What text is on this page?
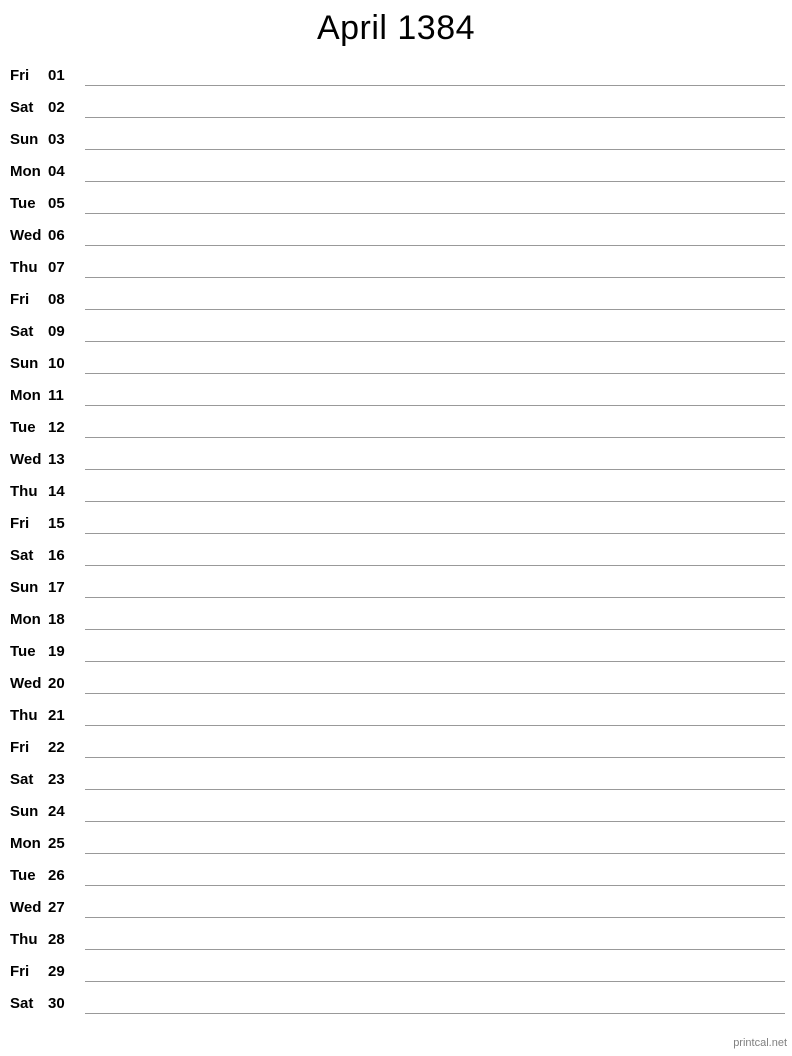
April 1384
Fri	01
Sat 02
Sun 03
Mon 04
Tue 05
Wed 06
Thu 07
Fri	08
Sat 09
Sun 10
Mon 11
Tue 12
Wed 13
Thu 14
Fri	15
Sat 16
Sun 17
Mon 18
Tue 19
Wed 20
Thu 21
Fri	22
Sat 23
Sun 24
Mon 25
Tue 26
Wed 27
Thu 28
Fri	29
Sat 30
printcal.net
